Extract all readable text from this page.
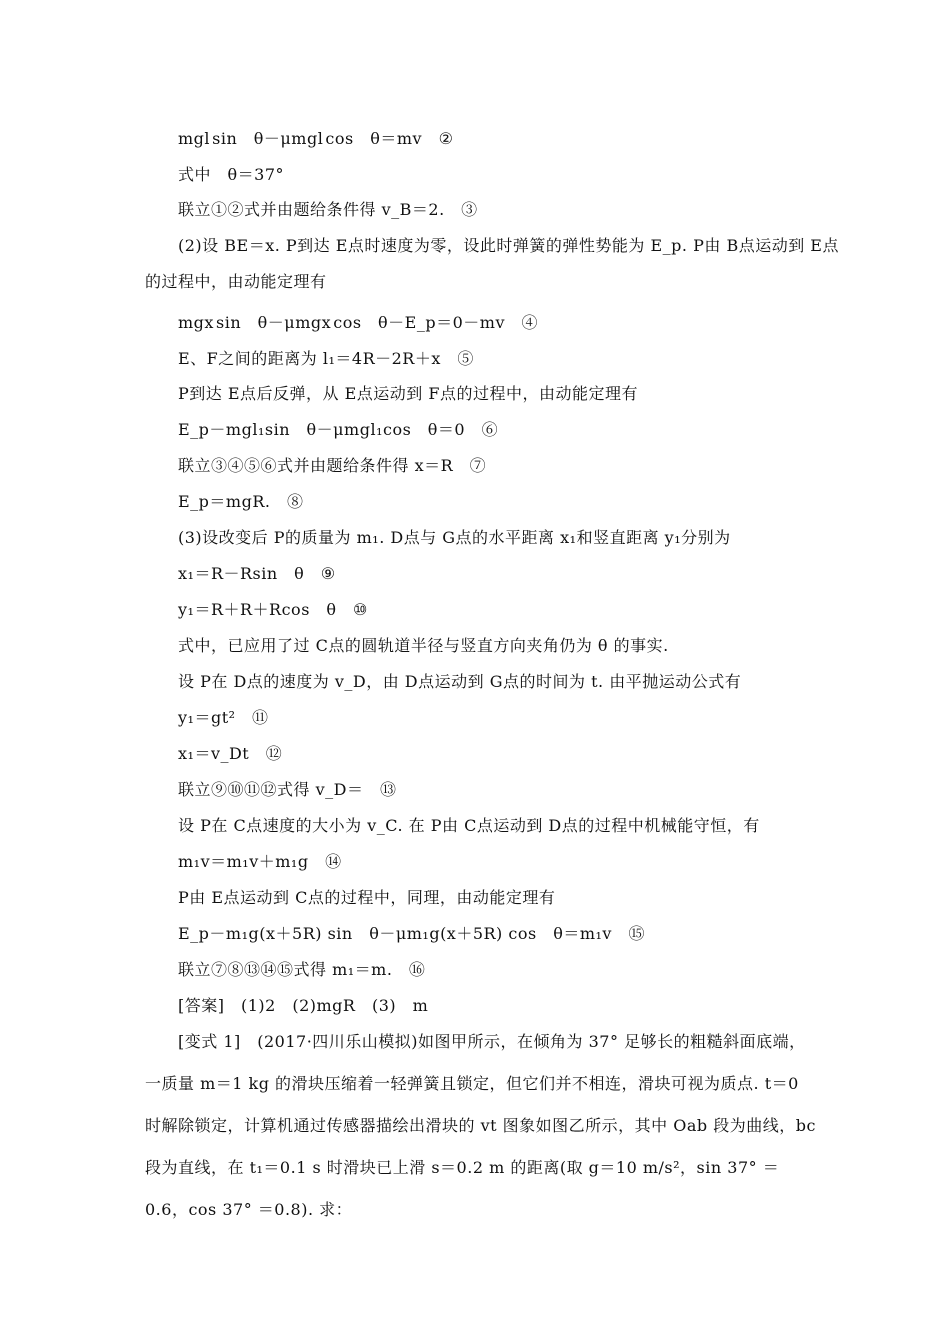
mgl sin θ－μmgl cos θ＝mv ②
式中 θ＝37°
联立①②式并由题给条件得 v_B＝2. ③
(2)设 BE＝x. P到达 E点时速度为零，设此时弹簧的弹性势能为 E_p. P由 B点运动到 E点
的过程中，由动能定理有
mgx sin θ－μmgx cos θ－E_p＝0－mv ④
E、F之间的距离为 l₁＝4R－2R＋x ⑤
P到达 E点后反弹，从 E点运动到 F点的过程中，由动能定理有
E_p－mgl₁sin θ－μmgl₁cos θ＝0 ⑥
联立③④⑤⑥式并由题给条件得 x＝R ⑦
E_p＝mgR. ⑧
(3)设改变后 P的质量为 m₁. D点与 G点的水平距离 x₁和竖直距离 y₁分别为
x₁＝R－Rsin θ ⑨
y₁＝R＋R＋Rcos θ ⑩
式中，已应用了过 C点的圆轨道半径与竖直方向夹角仍为 θ 的事实.
设 P在 D点的速度为 v_D，由 D点运动到 G点的时间为 t. 由平抛运动公式有
y₁＝gt² ⑪
x₁＝v_Dt ⑫
联立⑨⑩⑪⑫式得 v_D＝ ⑬
设 P在 C点速度的大小为 v_C. 在 P由 C点运动到 D点的过程中机械能守恒，有
m₁v＝m₁v＋m₁g ⑭
P由 E点运动到 C点的过程中，同理，由动能定理有
E_p－m₁g(x＋5R) sin θ－μm₁g(x＋5R) cos θ＝m₁v ⑮
联立⑦⑧⑬⑭⑮式得 m₁＝m. ⑯
[答案] (1)2 (2)mgR (3) m
[变式 1] (2017·四川乐山模拟)如图甲所示，在倾角为 37° 足够长的粗糙斜面底端，
一质量 m＝1 kg 的滑块压缩着一轻弹簧且锁定，但它们并不相连，滑块可视为质点. t＝0
时解除锁定，计算机通过传感器描绘出滑块的 vt 图象如图乙所示，其中 Oab 段为曲线，bc
段为直线，在 t₁＝0.1 s 时滑块已上滑 s＝0.2 m 的距离(取 g＝10 m/s²，sin 37° ＝
0.6，cos 37° ＝0.8). 求：
